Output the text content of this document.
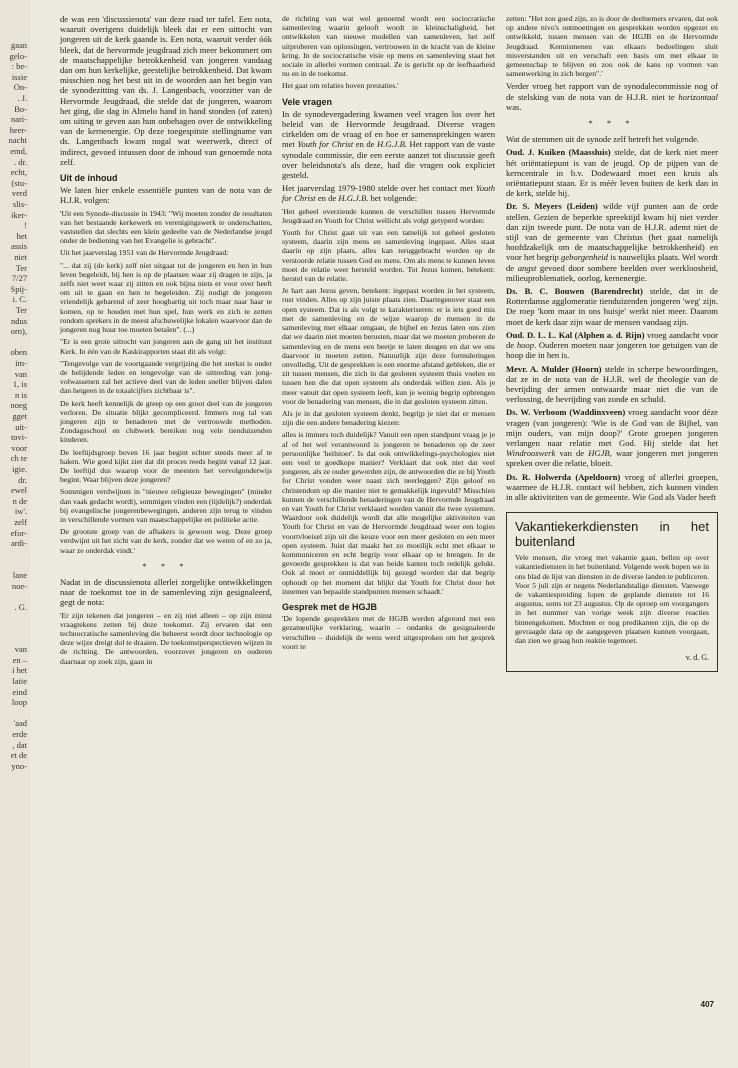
gaan
gelo-
: be-
issie
On-
. J.
Bo-
nari-
heer-
nacht
emd,
. dr.
echt,
(stu-
verd
slis-
iker-
!
het
assis
niet
Ter
7/27
Spij-
i. C.
Ter
ndus
orn),
oben
im-
van
1, is
n is
noeg
gget
uit-
tovi-
voor
ch te
igie.
dr.
ewel
n de
iw'.
zelf
efor-
ardi-
lane
noe-
. G.
van
en –
i het
latie
eind
loop
'aad
erde
, dat
et de
yno-

de was een 'discussienota' van deze raad ter tafel. Een nota, waaruit overigens duidelijk bleek dat er een uittocht van jongeren uit de kerk gaande is. Een nota, waaruit verder óók bleek, dat de hervormde jeugdraad zich meer bekommert om de maatschappelijke betrokkenheid van jongeren vandaag dan om hun kerkelijke, geestelijke betrokkenheid. Dat kwam misschien nog het best uit in de woorden aan het begin van de synodezitting van ds. J. Langenbach, voorzitter van de Hervormde Jeugdraad, die stelde dat de jongeren, waarom het ging, die dag in Almelo hand in hand stonden (of zaten) om uiting te geven aan hun onbehagen over de ontwikkeling van de kernenergie. Op deze toegespitste stellingname van ds. Langenbach kwam nogal wat weerwerk, direct of indirect, gevoed intussen door de inhoud van genoemde nota zelf.

Uit de inhoud

We laten hier enkele essentiële punten van de nota van de H.J.R. volgen:

'Uit een Synode-discussie in 1943: "Wij moeten zonder de resultaten van het bestaande kerkewerk en verenigingswerk te onderschatten, vaststellen dat slechts een klein gedeelte van de Nederlandse jeugd onder de bediening van het Evangelie is gebracht".

Uit het jaarverslag 1951 van de Hervormde Jeugdraad:

"... dat zij (de kerk) zelf niet uitgaat tot de jongeren en hen in hun leven begeleidt, bij hen is op de plaatsen waar zij dragen te zijn, ja zelfs niet weet waar zij zitten en ook bijna niets er voor over heeft om uit te gaan en hen te begeleiden. Zij nodigt de jongeren vriendelijk gebarend of zeer hooghartig uit toch maar naar haar te komen, op te houden met hun spel, hun werk en zich te zetten rondom sprekers in de meest afschuwelijke lokalen waarvoor dan de jongeren nog huur toe moeten betalen". (...)

"Er is een grote uittocht van jongeren aan de gang uit het instituut Kerk. In één van de Kaskirapporten staat dit als volgt:

"Tengevolge van de voortgaande vergrijzing die het sterkst is onder de belijdende leden en tengevolge van de uittreding van jong-volwassenen zal het actieve deel van de leden sneller blijven dalen dan hetgeen in de totaalcijfers zichtbaar is".

De kerk heeft kennelijk de greep op een groot deel van de jongeren verloren. De situatie blijkt gecompliceerd. Immers nog tal van jongeren zijn te benaderen met de vertrouwde methoden. Zondagsschool en clubwerk bereiken nog vele tienduizenden kinderen.

De leeftijdsgroep boven 16 jaar begint echter steeds meer af te haken. Wie goed kijkt ziet dat dit proces reeds begint vanaf 12 jaar. De leeftijd dus waarop voor de meesten het vervolgonderwijs begint. Waar blijven deze jongeren?

Sommigen verdwijnen in "nieuwe religieuze bewegingen" (minder dan vaak gedacht wordt), sommigen vinden een (tijdelijk?) onderdak bij evangelische jongerenbewegingen, anderen zijn terug te vinden in verschillende vormen van maatschappelijke en politieke actie.

De grootste groep van de afhakers is gewoon weg. Deze groep verdwijnt uit het zicht van de kerk, zonder dat we weten of en zo ja, waar ze onderdak vindt.'

* * *

Nadat in de discussienota allerlei zorgelijke ontwikkelingen naar de toekomst toe in de samenleving zijn gesignaleerd, gegt de nota:

'Er zijn tekenen dat jongeren – en zij niet alleen – op zijn minst vraagtekens zetten bij deze toekomst. Zij ervaren dat een technocratische samenleving die beheerst wordt door technologie op deze wijze dreigt dol te draaien. De toekomstperspectieven wijzen in de richting. De antwoorden, voorzover jongeren en ouderen daarnaar op zoek zijn, gaan in

de richting van wat wel genoemd wordt een sociocratische samenleving waarin gelooft wordt in kleinschaligheid, het ontwikkelen van nieuwe modellen van samenleven, het zelf uitproberen van oplossingen, vertrouwen in de kracht van de kleine kring. In de sociocratische visie op mens en samenleving staat het sociale in allerlei vormen centraal. Ze is gericht op de leefbaarheid nu en in de toekomst.

Het gaat om relaties boven prestaties.'

Vele vragen

In de synodevergadering kwamen veel vragen los over het beleid van de Hervormde Jeugdraad. Diverse vragen cirkelden om de vraag of en hoe er samensprekingen waren met Youth for Christ en de H.G.J.B. Het rapport van de vaste synodale commissie, die een eerste aanzet tot discussie geeft over beleidsnota's als deze, had die vragen ook expliciet gesteld.

Het jaarverslag 1979-1980 stelde over het contact met Youth for Christ en de H.G.J.B. het volgende:

'Het geheel overziende kunnen de verschillen tussen Hervormde Jeugdraad en Youth for Christ wellicht als volgt getyperd worden:

Youth for Christ gaat uit van een tamelijk tot geheel gesloten systeem, daarin zijn mens en samenleving ingepast. Alles staat daarin op zijn plaats, alles kan teruggebracht worden op de verstoorde relatie tussen God en mens. Om als mens te kunnen leven moet de relatie weer hersteld worden. Tot Jezus komen, betekent: herstel van de relatie.

Je hart aan Jezus geven, betekent: ingepast worden in het systeem, rust vinden. Alles op zijn juiste plaats zien. Daartegenover staat een open systeem. Dat is als volgt te karakteriseren: er is iets goed mis met de samenleving en de wijze waarop de mensen in de samenleving met elkaar omgaan, de bijbel en Jezus laten ons zien dat we daarin niet moeten berusten, maar dat we moeten proberen de samenleving en de mens een beetje te laten deugen en dat we ons daarvoor in moeten zetten. Natuurlijk zijn deze formuleringen onvolledig. Uit de gesprekken is een enorme afstand gebleken, die er zit tussen mensen, die zich in dat gesloten systeem thuis voelen en tussen hen die dat open systeem als onderdak willen zien. Als je meer vanuit dat open systeem leeft, kun je weinig begrip opbrengen voor de benadering van mensen, die in dat gesloten systeem zitten.

Als je in dat gesloten systeem denkt, begrijp je niet dat er mensen zijn die een andere benadering kiezen:

alles is immers toch duidelijk? Vanuit een open standpunt vraag je je af of het wel verantwoord is jongeren te benaderen op de zeer persoonlijke 'heilstoer'. Is dat ook ontwikkelings-psychologies niet een veel te goedkope manier? Verklaart dat ook niet dat veel jongeren, als ze ouder geworden zijn, de antwoorden die ze bij Youth for Christ vonden weer naast zich neerleggen? Zijn geloof en christendom op die manier niet te gemakkelijk ingevuld? Misschien kunnen de verschillende benaderingen van de Hervormde Jeugdraad en van Youth for Christ verklaard worden vanuit die twee systemen. Waardoor ook duidelijk wordt dat alle mogelijke aktiviteiten van Youth for Christ en van de Hervormde Jeugdraad weer een logies voortvloeisel zijn uit die keuze voor een meer gesloten en een meer open systeem. Juist dat maakt het zo moeilijk echt met elkaar te kommuniceren en echt begrip voor elkaar op te brengen. In de gevoerde gesprekken is dat van beide kanten toch redelijk gelukt. Ook al moet er onmiddellijk bij gezegd worden dat dat begrip ophoudt op het moment dat blijkt dat Youth for Christ door het innemen van bepaalde standpunten mensen schaadt.'

Gesprek met de HGJB

'De lopende gesprekken met de HGJB werden afgerond met een gezamenlijke verklaring, waarin – ondanks de gesignaleerde verschillen – duidelijk de wens werd uitgesproken om het gesprek voort te

zetten: "Het zou goed zijn, zo is door de deelnemers ervaren, dat ook op andere nivo's ontmoetingen en gesprekken worden opgezet en ontwikkeld, tussen mensen van de HGJB en de Hervormde Jeugdraad. Kennismenen van elkaars bedoelingen sluit misverstanden uit en verschaft een basis om met elkaar in gemeenschap te blijven en zou ook de kans op vormen van samenwerking in zich bergen".'

Verder vroeg het rapport van de synodalecommissie nog of de stelsking van de nota van de H.J.R. niet te horizontaal was.

* * *

Wat de stemmen uit de synode zelf betreft het volgende.

Oud. J. Kuiken (Maassluis) stelde, dat de kerk niet meer hét oriëntatiepunt is van de jeugd. Op de pijpen van de kerncentrale in b.v. Dodewaard moet een kruis als oriëntatiepunt staan. Er is méér leven buiten de kerk dan in de kerk, stelde hij.

Dr. S. Meyers (Leiden) wilde vijf punten aan de orde stellen. Gezien de beperkte spreektijd kwam hij niet verder dan zijn tweede punt. De nota van de H.J.R. ademt niet de stijl van de gemeente van Christus (het gaat namelijk hoofdzakelijk om de maatschappelijke betrokkenheid) en voor het begrip geborgenheid is nauwelijks plaats. Wel wordt de angst gevoed door sombere beelden over werkloosheid, milieuproblematiek, oorlog, kernenergie.

Ds. B. C. Bouwen (Barendrecht) stelde, dat in de Rotterdamse agglomeratie tienduizenden jongeren 'weg' zijn. De roep 'kom maar in ons huisje' werkt niet meer. Daarom moet de kerk daar zijn waar de mensen vandaag zijn.

Oud. D. L. L. Kal (Alphen a. d. Rijn) vroeg aandacht voor de hoop. Ouderen moeten naar jongeren toe getuigen van de hoop die in hen is.

Mevr. A. Mulder (Hoorn) stelde in scherpe bewoordingen, dat ze in de nota van de H.J.R. wel de theologie van de bevrijding der armen ontwaarde maar niet die van de verlossing, de bevrijding van zonde en schuld.

Ds. W. Verboom (Waddinxveen) vroeg aandacht voor déze vragen (van jongeren): 'Wie is de God van de Bijbel, van mijn ouders, van mijn doop?' Grote groepen jongeren verlangen naar relatie met God. Hij stelde dat het Windrooswerk van de HGJB, waar jongeren met jongeren spreken over die relatie, bloeit.

Ds. R. Holwerda (Apeldoorn) vroeg of allerlei groepen, waarmee de H.J.R. contact wil hebben, zich kunnen vinden in alle aktiviteiten van de gemeente. Wie God als Vader heeft

Vakantiekerkdiensten in het buitenland
Vele mensen, die vroeg met vakantie gaan, bellen op over vakantiediensten in het buitenland. Volgende week hopen we in ons blad de lijst van diensten in de diverse landen te publiceren. Voor 5 juli zijn er negens Nederlandstalige diensten. Vanwege de vakantiespreiding lopen de geplande diensten tot 16 augustus, soms tot 23 augustus. Op de oproep om voorgangers in het nummer van vorige week zijn diverse reacties binnengekomen. Mochten er nog predikanten zijn, die op de gevraagde data op de aangegeven plaatsen kunnen voorgaan, dan zien we graag hun reaktie tegemoet.
v. d. G.
407
